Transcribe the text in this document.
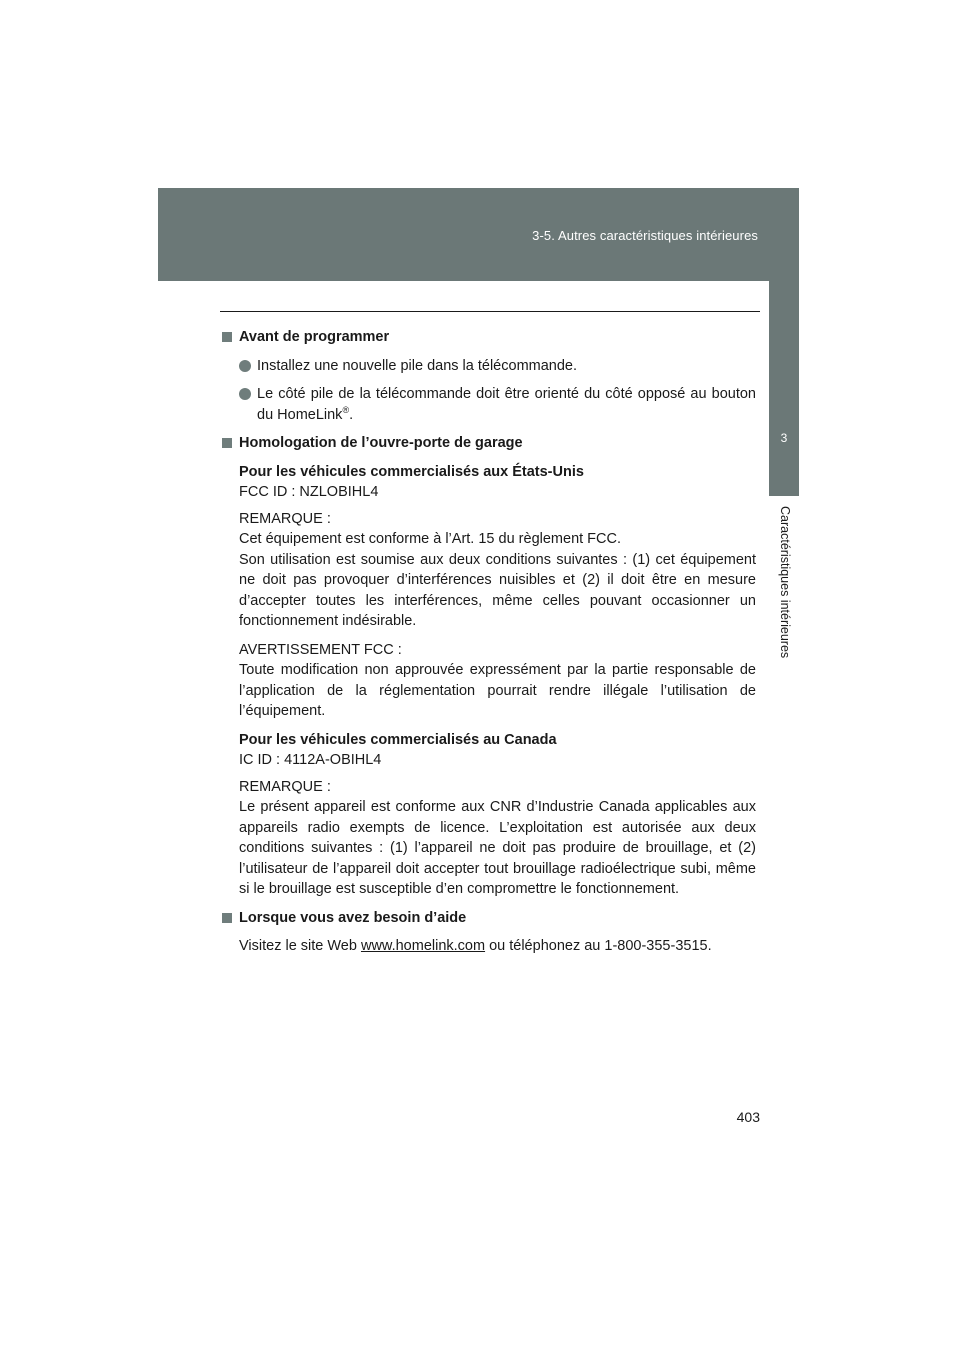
3-5. Autres caractéristiques intérieures
3
Caractéristiques intérieures
Avant de programmer
Installez une nouvelle pile dans la télécommande.
Le côté pile de la télécommande doit être orienté du côté opposé au bouton du HomeLink®.
Homologation de l’ouvre-porte de garage
Pour les véhicules commercialisés aux États-Unis
FCC ID : NZLOBIHL4
REMARQUE :
Cet équipement est conforme à l’Art. 15 du règlement FCC.
Son utilisation est soumise aux deux conditions suivantes : (1) cet équipement ne doit pas provoquer d’interférences nuisibles et (2) il doit être en mesure d’accepter toutes les interférences, même celles pouvant occasionner un fonctionnement indésirable.
AVERTISSEMENT FCC :
Toute modification non approuvée expressément par la partie responsable de l’application de la réglementation pourrait rendre illégale l’utilisation de l’équipement.
Pour les véhicules commercialisés au Canada
IC ID : 4112A-OBIHL4
REMARQUE :
Le présent appareil est conforme aux CNR d’Industrie Canada applicables aux appareils radio exempts de licence. L’exploitation est autorisée aux deux conditions suivantes : (1) l’appareil ne doit pas produire de brouillage, et (2) l’utilisateur de l’appareil doit accepter tout brouillage radioélectrique subi, même si le brouillage est susceptible d’en compromettre le fonctionnement.
Lorsque vous avez besoin d’aide
Visitez le site Web www.homelink.com ou téléphonez au 1-800-355-3515.
403
